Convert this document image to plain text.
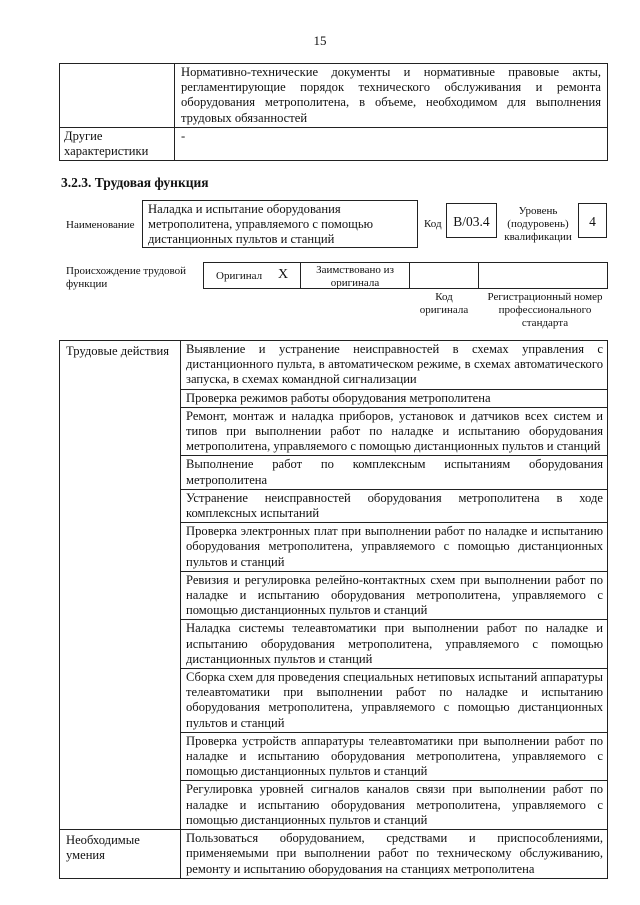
15
	Нормативно-технические документы и нормативные правовые акты, регламентирующие порядок технического обслуживания и ремонта оборудования метрополитена, в объеме, необходимом для выполнения трудовых обязанностей
Другие характеристики	-
3.2.3. Трудовая функция
Наименование
Наладка и испытание оборудования метрополитена, управляемого с помощью дистанционных пультов и станций
Код B/03.4
Уровень (подуровень) квалификации
4
Происхождение трудовой функции
Оригинал X	Заимствовано из оригинала
Код оригинала
Регистрационный номер профессионального стандарта
Трудовые действия	Выявление и устранение неисправностей в схемах управления с дистанционного пульта, в автоматическом режиме, в схемах автоматического запуска, в схемах командной сигнализации
	Проверка режимов работы оборудования метрополитена
	Ремонт, монтаж и наладка приборов, установок и датчиков всех систем и типов при выполнении работ по наладке и испытанию оборудования метрополитена, управляемого с помощью дистанционных пультов и станций
	Выполнение работ по комплексным испытаниям оборудования метрополитена
	Устранение неисправностей оборудования метрополитена в ходе комплексных испытаний
	Проверка электронных плат при выполнении работ по наладке и испытанию оборудования метрополитена, управляемого с помощью дистанционных пультов и станций
	Ревизия и регулировка релейно-контактных схем при выполнении работ по наладке и испытанию оборудования метрополитена, управляемого с помощью дистанционных пультов и станций
	Наладка системы телеавтоматики при выполнении работ по наладке и испытанию оборудования метрополитена, управляемого с помощью дистанционных пультов и станций
	Сборка схем для проведения специальных нетиповых испытаний аппаратуры телеавтоматики при выполнении работ по наладке и испытанию оборудования метрополитена, управляемого с помощью дистанционных пультов и станций
	Проверка устройств аппаратуры телеавтоматики при выполнении работ по наладке и испытанию оборудования метрополитена, управляемого с помощью дистанционных пультов и станций
	Регулировка уровней сигналов каналов связи при выполнении работ по наладке и испытанию оборудования метрополитена, управляемого с помощью дистанционных пультов и станций
Необходимые умения	Пользоваться оборудованием, средствами и приспособлениями, применяемыми при выполнении работ по техническому обслуживанию, ремонту и испытанию оборудования на станциях метрополитена
